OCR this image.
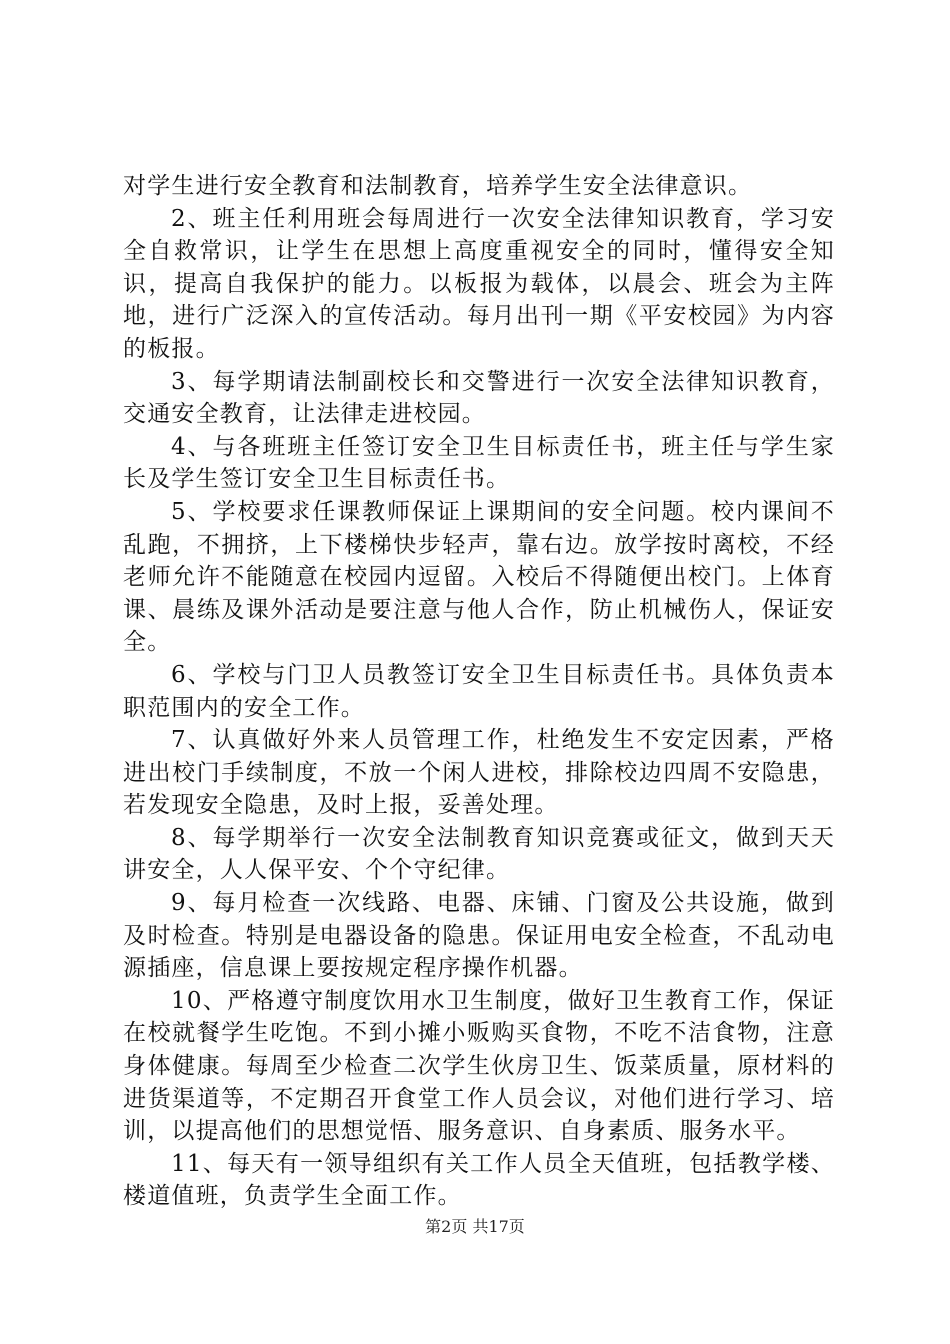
对学生进行安全教育和法制教育，培养学生安全法律意识。

2、班主任利用班会每周进行一次安全法律知识教育，学习安全自救常识，让学生在思想上高度重视安全的同时，懂得安全知识，提高自我保护的能力。以板报为载体，以晨会、班会为主阵地，进行广泛深入的宣传活动。每月出刊一期《平安校园》为内容的板报。

3、每学期请法制副校长和交警进行一次安全法律知识教育，交通安全教育，让法律走进校园。

4、与各班班主任签订安全卫生目标责任书，班主任与学生家长及学生签订安全卫生目标责任书。

5、学校要求任课教师保证上课期间的安全问题。校内课间不乱跑，不拥挤，上下楼梯快步轻声，靠右边。放学按时离校，不经老师允许不能随意在校园内逗留。入校后不得随便出校门。上体育课、晨练及课外活动是要注意与他人合作，防止机械伤人，保证安全。

6、学校与门卫人员教签订安全卫生目标责任书。具体负责本职范围内的安全工作。

7、认真做好外来人员管理工作，杜绝发生不安定因素，严格进出校门手续制度，不放一个闲人进校，排除校边四周不安隐患，若发现安全隐患，及时上报，妥善处理。

8、每学期举行一次安全法制教育知识竞赛或征文，做到天天讲安全，人人保平安、个个守纪律。

9、每月检查一次线路、电器、床铺、门窗及公共设施，做到及时检查。特别是电器设备的隐患。保证用电安全检查，不乱动电源插座，信息课上要按规定程序操作机器。

10、严格遵守制度饮用水卫生制度，做好卫生教育工作，保证在校就餐学生吃饱。不到小摊小贩购买食物，不吃不洁食物，注意身体健康。每周至少检查二次学生伙房卫生、饭菜质量，原材料的进货渠道等，不定期召开食堂工作人员会议，对他们进行学习、培训，以提高他们的思想觉悟、服务意识、自身素质、服务水平。

11、每天有一领导组织有关工作人员全天值班，包括教学楼、楼道值班，负责学生全面工作。

第2页 共17页
